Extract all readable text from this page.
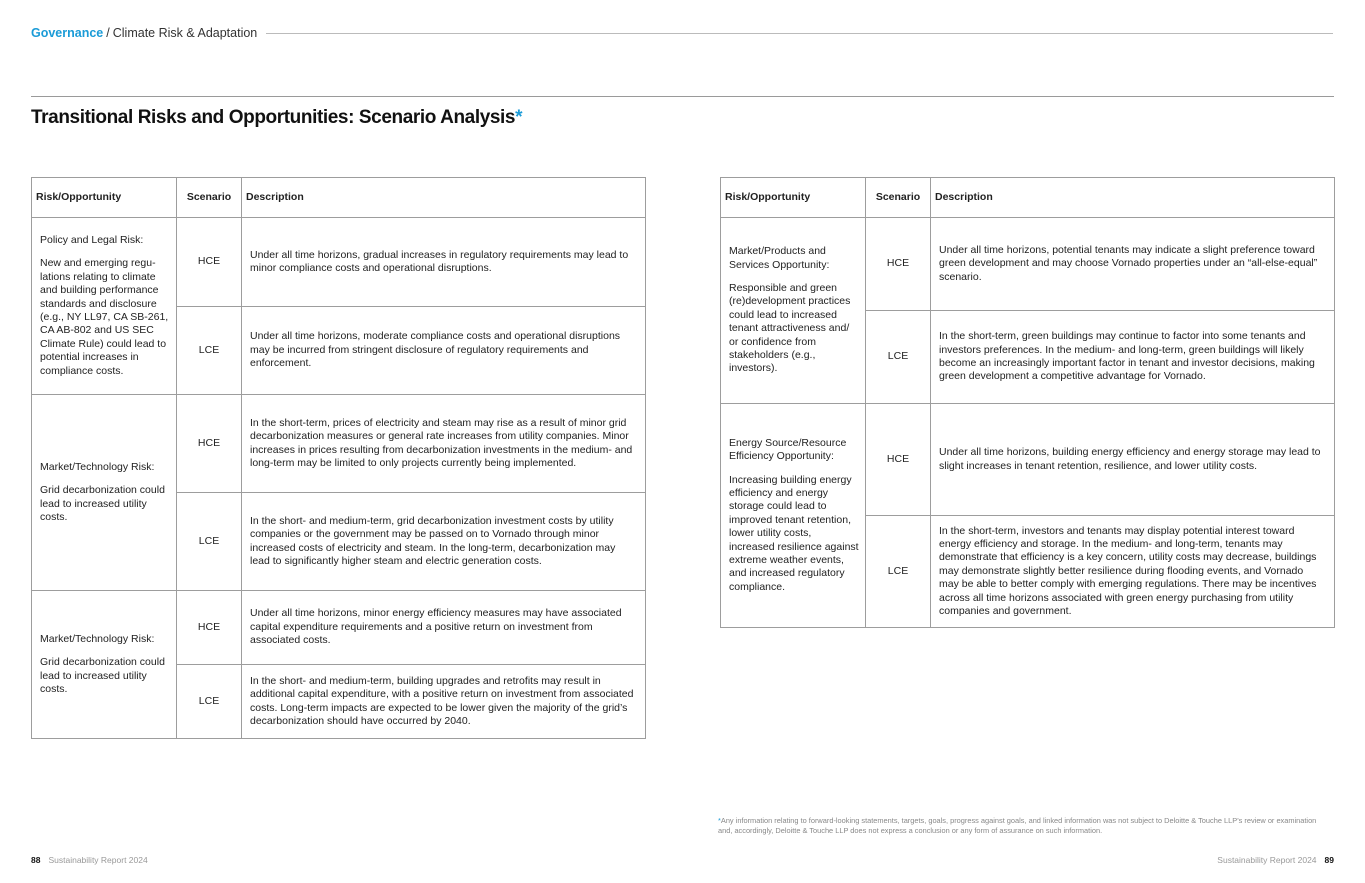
Governance / Climate Risk & Adaptation
Transitional Risks and Opportunities: Scenario Analysis*
Risk/Opportunity	Scenario	Description

Policy and Legal Risk:

New and emerging regu-lations relating to climate and building performance standards and disclosure (e.g., NY LL97, CA SB-261, CA AB-802 and US SEC Climate Rule) could lead to potential increases in compliance costs.	HCE	Under all time horizons, gradual increases in regulatory requirements may lead to minor compliance costs and operational disruptions.
	LCE	Under all time horizons, moderate compliance costs and operational disruptions may be incurred from stringent disclosure of regulatory requirements and enforcement.

Market/Technology Risk:

Grid decarbonization could lead to increased utility costs.	HCE	In the short-term, prices of electricity and steam may rise as a result of minor grid decarbonization measures or general rate increases from utility companies. Minor increases in prices resulting from decarbonization investments in the medium- and long-term may be limited to only projects currently being implemented.
	LCE	In the short- and medium-term, grid decarbonization investment costs by utility companies or the government may be passed on to Vornado through minor increased costs of electricity and steam. In the long-term, decarbonization may lead to significantly higher steam and electric generation costs.

Market/Technology Risk:

Grid decarbonization could lead to increased utility costs.	HCE	Under all time horizons, minor energy efficiency measures may have associated capital expenditure requirements and a positive return on investment from associated costs.
	LCE	In the short- and medium-term, building upgrades and retrofits may result in additional capital expenditure, with a positive return on investment from associated costs. Long-term impacts are expected to be lower given the majority of the grid’s decarbonization should have occurred by 2040.
Risk/Opportunity	Scenario	Description

Market/Products and Services Opportunity:

Responsible and green (re)development practices could lead to increased tenant attractiveness and/ or confidence from stakeholders (e.g., investors).	HCE	Under all time horizons, potential tenants may indicate a slight preference toward green development and may choose Vornado properties under an “all-else-equal” scenario.
	LCE	In the short-term, green buildings may continue to factor into some tenants and investors preferences. In the medium- and long-term, green buildings will likely become an increasingly important factor in tenant and investor decisions, making green development a competitive advantage for Vornado.

Energy Source/Resource Efficiency Opportunity:

Increasing building energy efficiency and energy storage could lead to improved tenant retention, lower utility costs, increased resilience against extreme weather events, and increased regulatory compliance.	HCE	Under all time horizons, building energy efficiency and energy storage may lead to slight increases in tenant retention, resilience, and lower utility costs.
	LCE	In the short-term, investors and tenants may display potential interest toward energy efficiency and storage. In the medium- and long-term, tenants may demonstrate that efficiency is a key concern, utility costs may decrease, buildings may demonstrate slightly better resilience during flooding events, and Vornado may be able to better comply with emerging regulations. There may be incentives across all time horizons associated with green energy purchasing from utility companies and government.
*Any information relating to forward-looking statements, targets, goals, progress against goals, and linked information was not subject to Deloitte & Touche LLP’s review or examination and, accordingly, Deloitte & Touche LLP does not express a conclusion or any form of assurance on such information.
88 Sustainability Report 2024	Sustainability Report 2024 89
